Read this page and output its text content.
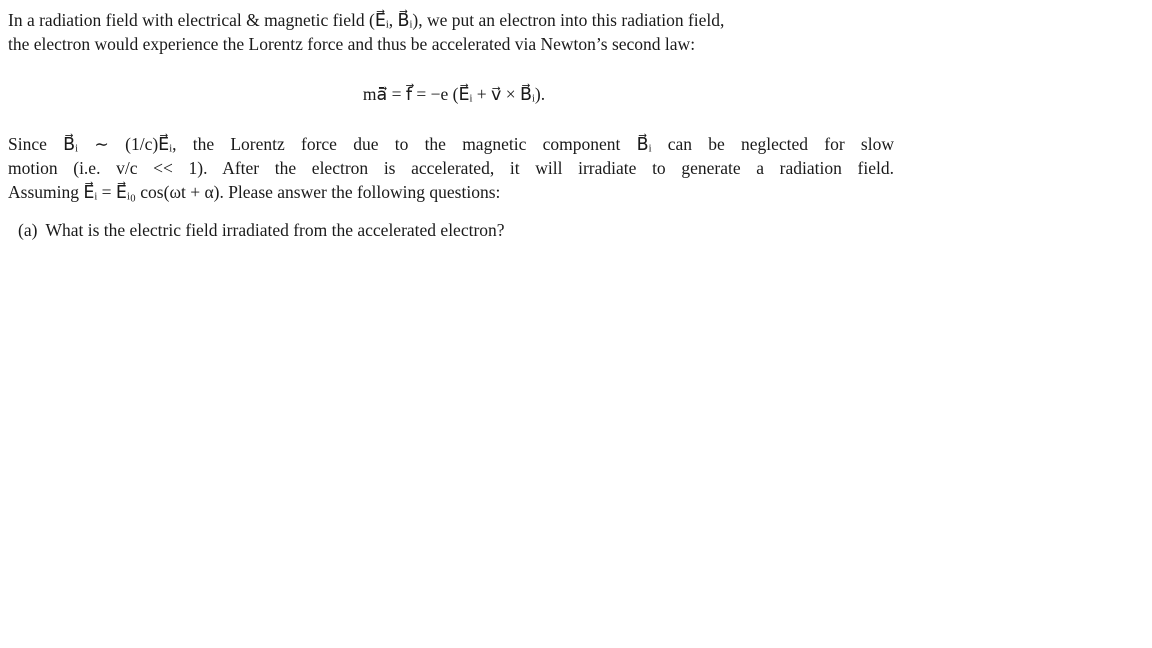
In a radiation field with electrical & magnetic field (E⃗ᵢ, B⃗ᵢ), we put an electron into this radiation field,
the electron would experience the Lorentz force and thus be accelerated via Newton’s second law:
mā⃗ = f⃗ = −e (E⃗ᵢ + v⃗ × B⃗ᵢ).
Since B⃗ᵢ ∼ (1/c)E⃗ᵢ, the Lorentz force due to the magnetic component B⃗ᵢ can be neglected for slow
motion (i.e. v/c << 1). After the electron is accelerated, it will irradiate to generate a radiation field.
Assuming E⃗ᵢ = E⃗ᵢ₀ cos(ωt + α). Please answer the following questions:
(a) What is the electric field irradiated from the accelerated electron?
